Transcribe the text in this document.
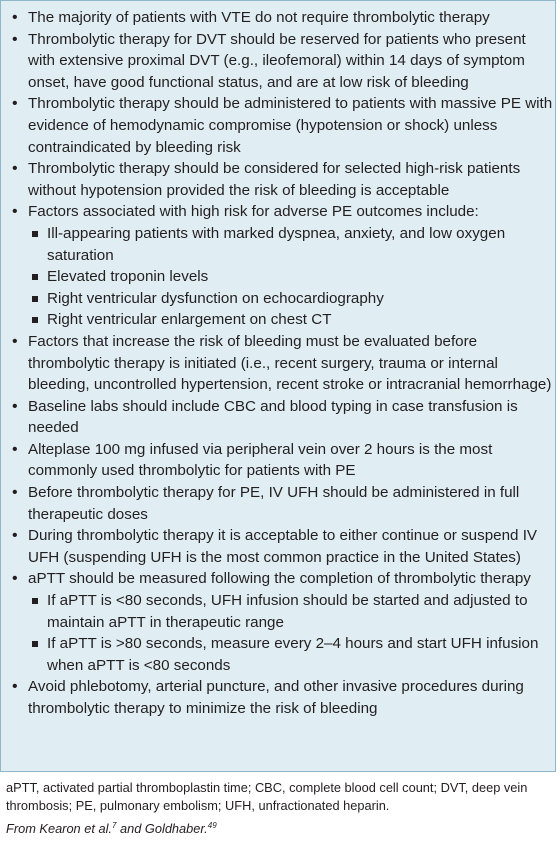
• The majority of patients with VTE do not require thrombolytic therapy
• Thrombolytic therapy for DVT should be reserved for patients who present with extensive proximal DVT (e.g., ileofemoral) within 14 days of symptom onset, have good functional status, and are at low risk of bleeding
• Thrombolytic therapy should be administered to patients with massive PE with evidence of hemodynamic compromise (hypotension or shock) unless contraindicated by bleeding risk
• Thrombolytic therapy should be considered for selected high-risk patients without hypotension provided the risk of bleeding is acceptable
• Factors associated with high risk for adverse PE outcomes include:
Ill-appearing patients with marked dyspnea, anxiety, and low oxygen saturation
Elevated troponin levels
Right ventricular dysfunction on echocardiography
Right ventricular enlargement on chest CT
• Factors that increase the risk of bleeding must be evaluated before thrombolytic therapy is initiated (i.e., recent surgery, trauma or internal bleeding, uncontrolled hypertension, recent stroke or intracranial hemorrhage)
• Baseline labs should include CBC and blood typing in case transfusion is needed
• Alteplase 100 mg infused via peripheral vein over 2 hours is the most commonly used thrombolytic for patients with PE
• Before thrombolytic therapy for PE, IV UFH should be administered in full therapeutic doses
• During thrombolytic therapy it is acceptable to either continue or suspend IV UFH (suspending UFH is the most common practice in the United States)
• aPTT should be measured following the completion of thrombolytic therapy
If aPTT is <80 seconds, UFH infusion should be started and adjusted to maintain aPTT in therapeutic range
If aPTT is >80 seconds, measure every 2–4 hours and start UFH infusion when aPTT is <80 seconds
• Avoid phlebotomy, arterial puncture, and other invasive procedures during thrombolytic therapy to minimize the risk of bleeding
aPTT, activated partial thromboplastin time; CBC, complete blood cell count; DVT, deep vein thrombosis; PE, pulmonary embolism; UFH, unfractionated heparin.
From Kearon et al.$^7$ and Goldhaber.$^{49}$
